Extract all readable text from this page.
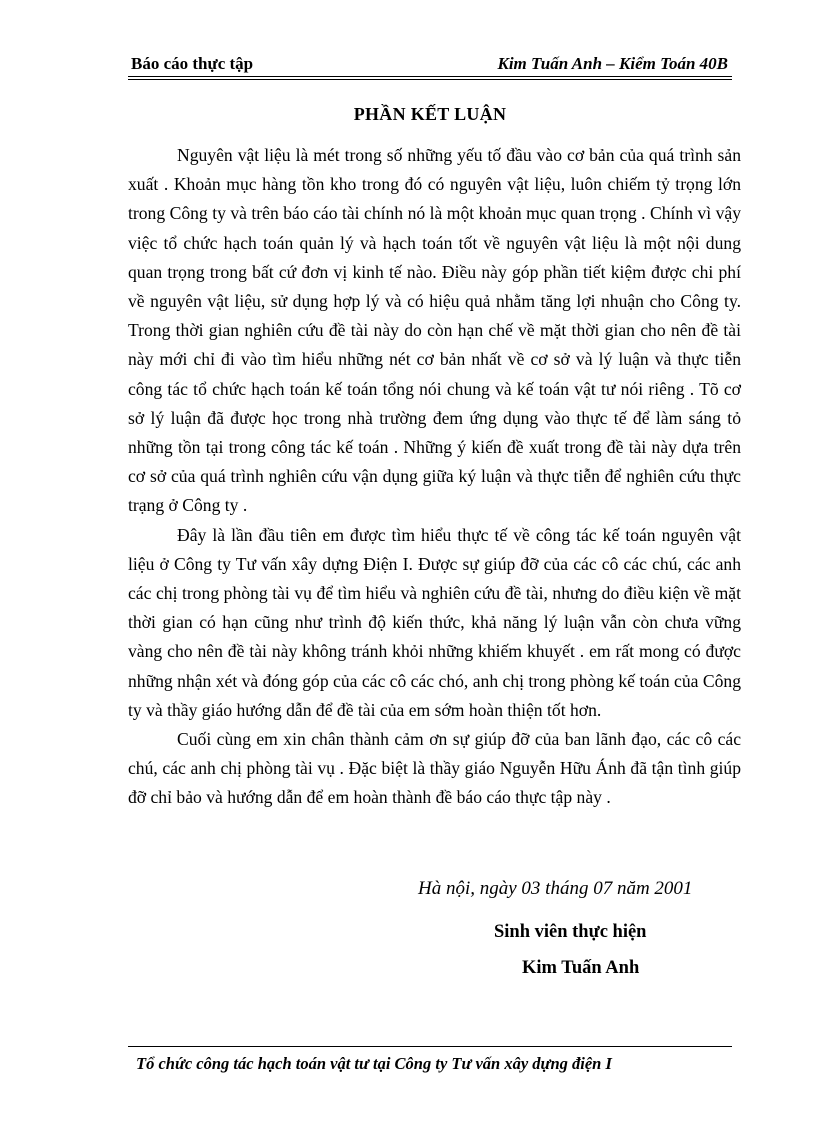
Báo cáo thực tập	Kim Tuấn Anh – Kiểm Toán 40B
PHẦN KẾT LUẬN

Nguyên vật liệu là mét trong số những yếu tố đầu vào cơ bản của quá trình sản xuất . Khoản mục hàng tồn kho trong đó có nguyên vật liệu, luôn chiếm tỷ trọng lớn trong Công ty và trên báo cáo tài chính nó là một khoản mục quan trọng . Chính vì vậy việc tổ chức hạch toán quản lý và hạch toán tốt về nguyên vật liệu là một nội dung quan trọng trong bất cứ đơn vị kinh tế nào. Điều này góp phần tiết kiệm được chi phí về nguyên vật liệu, sử dụng hợp lý và có hiệu quả nhằm tăng lợi nhuận cho Công ty. Trong thời gian nghiên cứu đề tài này do còn hạn chế về mặt thời gian cho nên đề tài này mới chỉ đi vào tìm hiểu những nét cơ bản nhất về cơ sở và lý luận và thực tiễn công tác tổ chức hạch toán kế toán tổng nói chung và kế toán vật tư nói riêng . Tõ cơ sở lý luận đã được học trong nhà trường đem ứng dụng vào thực tế để làm sáng tỏ những tồn tại trong công tác kế toán . Những ý kiến đề xuất trong đề tài này dựa trên cơ sở của quá trình nghiên cứu vận dụng giữa ký luận và thực tiễn để nghiên cứu thực trạng ở Công ty .

Đây là lần đầu tiên em được tìm hiểu thực tế về công tác kế toán nguyên vật liệu ở Công ty Tư vấn xây dựng Điện I. Được sự giúp đỡ của các cô các chú, các anh các chị trong phòng tài vụ để tìm hiểu và nghiên cứu đề tài, nhưng do điều kiện về mặt thời gian có hạn cũng như trình độ kiến thức, khả năng lý luận vẫn còn chưa vững vàng cho nên đề tài này không tránh khỏi những khiếm khuyết . em rất mong có được những nhận xét và đóng góp của các cô các chó, anh chị trong phòng kế toán của Công ty và thầy giáo hướng dẫn để đề tài của em sớm hoàn thiện tốt hơn.

Cuối cùng em xin chân thành cảm ơn sự giúp đỡ của ban lãnh đạo, các cô các chú, các anh chị phòng tài vụ . Đặc biệt là thầy giáo Nguyễn Hữu Ánh đã tận tình giúp đỡ chỉ bảo và hướng dẫn để em hoàn thành đề báo cáo thực tập này .

Hà nội, ngày 03 tháng 07 năm 2001
Sinh viên thực hiện
Kim Tuấn Anh
Tổ chức công tác hạch toán vật tư tại Công ty Tư vấn xây dựng điện I
